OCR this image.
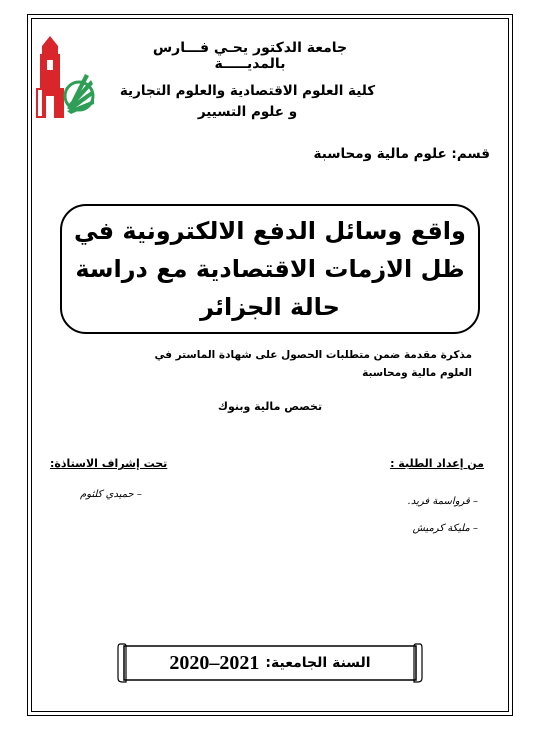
جامعة الدكتور يحـي فـــارس بالمديـــــة
كلية العلوم الاقتصادية والعلوم التجارية
و علوم التسيير
قسم: علوم مالية ومحاسبة
واقع وسائل الدفع الالكترونية في ظل الازمات الاقتصادية مع دراسة حالة الجزائر
مذكرة مقدمة ضمن متطلبات الحصول على شهادة الماستر في العلوم مالية ومحاسبة
تخصص مالية وبنوك
تحت إشراف الاستاذة:	من إعداد الطلبة :
– حميدي كلثوم
– قرواسمة فريد.
– مليكة كرميش
السنة الجامعية:
2020–2021
